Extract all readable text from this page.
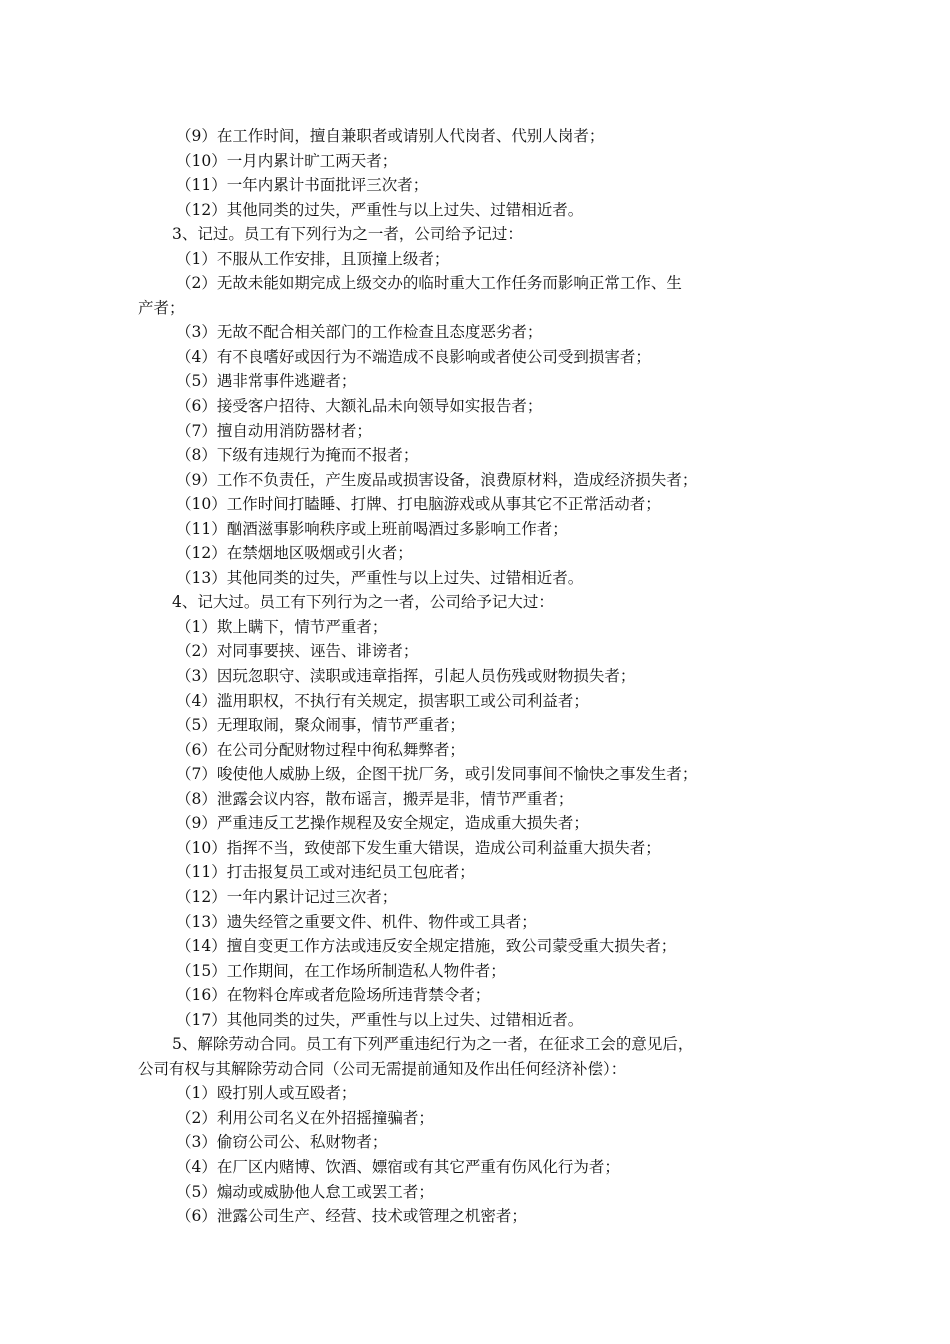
（9）在工作时间，擅自兼职者或请别人代岗者、代别人岗者；
（10）一月内累计旷工两天者；
（11）一年内累计书面批评三次者；
（12）其他同类的过失，严重性与以上过失、过错相近者。
3、记过。员工有下列行为之一者，公司给予记过：
（1）不服从工作安排，且顶撞上级者；
（2）无故未能如期完成上级交办的临时重大工作任务而影响正常工作、生
产者；
（3）无故不配合相关部门的工作检查且态度恶劣者；
（4）有不良嗜好或因行为不端造成不良影响或者使公司受到损害者；
（5）遇非常事件逃避者；
（6）接受客户招待、大额礼品未向领导如实报告者；
（7）擅自动用消防器材者；
（8）下级有违规行为掩而不报者；
（9）工作不负责任，产生废品或损害设备，浪费原材料，造成经济损失者；
（10）工作时间打瞌睡、打牌、打电脑游戏或从事其它不正常活动者；
（11）酗酒滋事影响秩序或上班前喝酒过多影响工作者；
（12）在禁烟地区吸烟或引火者；
（13）其他同类的过失，严重性与以上过失、过错相近者。
4、记大过。员工有下列行为之一者，公司给予记大过：
（1）欺上瞒下，情节严重者；
（2）对同事要挟、诬告、诽谤者；
（3）因玩忽职守、渎职或违章指挥，引起人员伤残或财物损失者；
（4）滥用职权，不执行有关规定，损害职工或公司利益者；
（5）无理取闹，聚众闹事，情节严重者；
（6）在公司分配财物过程中徇私舞弊者；
（7）唆使他人威胁上级，企图干扰厂务，或引发同事间不愉快之事发生者；
（8）泄露会议内容，散布谣言，搬弄是非，情节严重者；
（9）严重违反工艺操作规程及安全规定，造成重大损失者；
（10）指挥不当，致使部下发生重大错误，造成公司利益重大损失者；
（11）打击报复员工或对违纪员工包庇者；
（12）一年内累计记过三次者；
（13）遗失经管之重要文件、机件、物件或工具者；
（14）擅自变更工作方法或违反安全规定措施，致公司蒙受重大损失者；
（15）工作期间，在工作场所制造私人物件者；
（16）在物料仓库或者危险场所违背禁令者；
（17）其他同类的过失，严重性与以上过失、过错相近者。
5、解除劳动合同。员工有下列严重违纪行为之一者，在征求工会的意见后，
公司有权与其解除劳动合同（公司无需提前通知及作出任何经济补偿）：
（1）殴打别人或互殴者；
（2）利用公司名义在外招摇撞骗者；
（3）偷窃公司公、私财物者；
（4）在厂区内赌博、饮酒、嫖宿或有其它严重有伤风化行为者；
（5）煽动或威胁他人怠工或罢工者；
（6）泄露公司生产、经营、技术或管理之机密者；
